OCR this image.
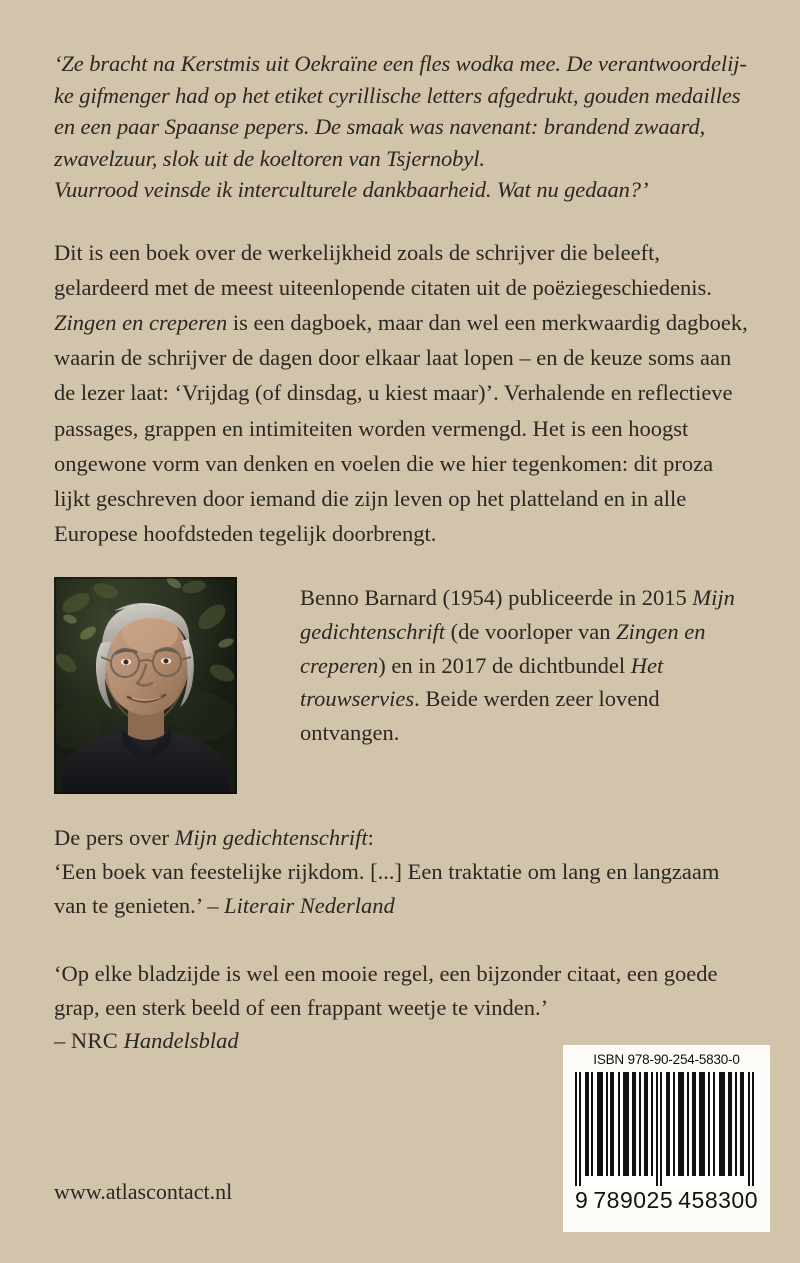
‘Ze bracht na Kerstmis uit Oekraïne een fles wodka mee. De verantwoordelij-
ke gifmenger had op het etiket cyrillische letters afgedrukt, gouden medailles
en een paar Spaanse pepers. De smaak was navenant: brandend zwaard,
zwavelzuur, slok uit de koeltoren van Tsjernobyl.
Vuurrood veinsde ik interculturele dankbaarheid. Wat nu gedaan?’

Dit is een boek over de werkelijkheid zoals de schrijver die beleeft, gelardeerd met de meest uiteenlopende citaten uit de poëziegeschiedenis. Zingen en creperen is een dagboek, maar dan wel een merkwaardig dagboek, waarin de schrijver de dagen door elkaar laat lopen – en de keuze soms aan de lezer laat: ‘Vrijdag (of dinsdag, u kiest maar)’. Verhalende en reflectieve passages, grappen en intimiteiten worden vermengd. Het is een hoogst ongewone vorm van denken en voelen die we hier tegenkomen: dit proza lijkt geschreven door iemand die zijn leven op het platteland en in alle Europese hoofdsteden tegelijk doorbrengt.

Benno Barnard (1954) publiceerde in 2015 Mijn gedichtenschrift (de voorloper van Zingen en creperen) en in 2017 de dichtbundel Het trouwservies. Beide werden zeer lovend ontvangen.

De pers over Mijn gedichtenschrift:
‘Een boek van feestelijke rijkdom. [...] Een traktatie om lang en langzaam van te genieten.’ – Literair Nederland
‘Op elke bladzijde is wel een mooie regel, een bijzonder citaat, een goede grap, een sterk beeld of een frappant weetje te vinden.’
– NRC Handelsblad

www.atlascontact.nl

ISBN 978-90-254-5830-0

9 789025 458300
